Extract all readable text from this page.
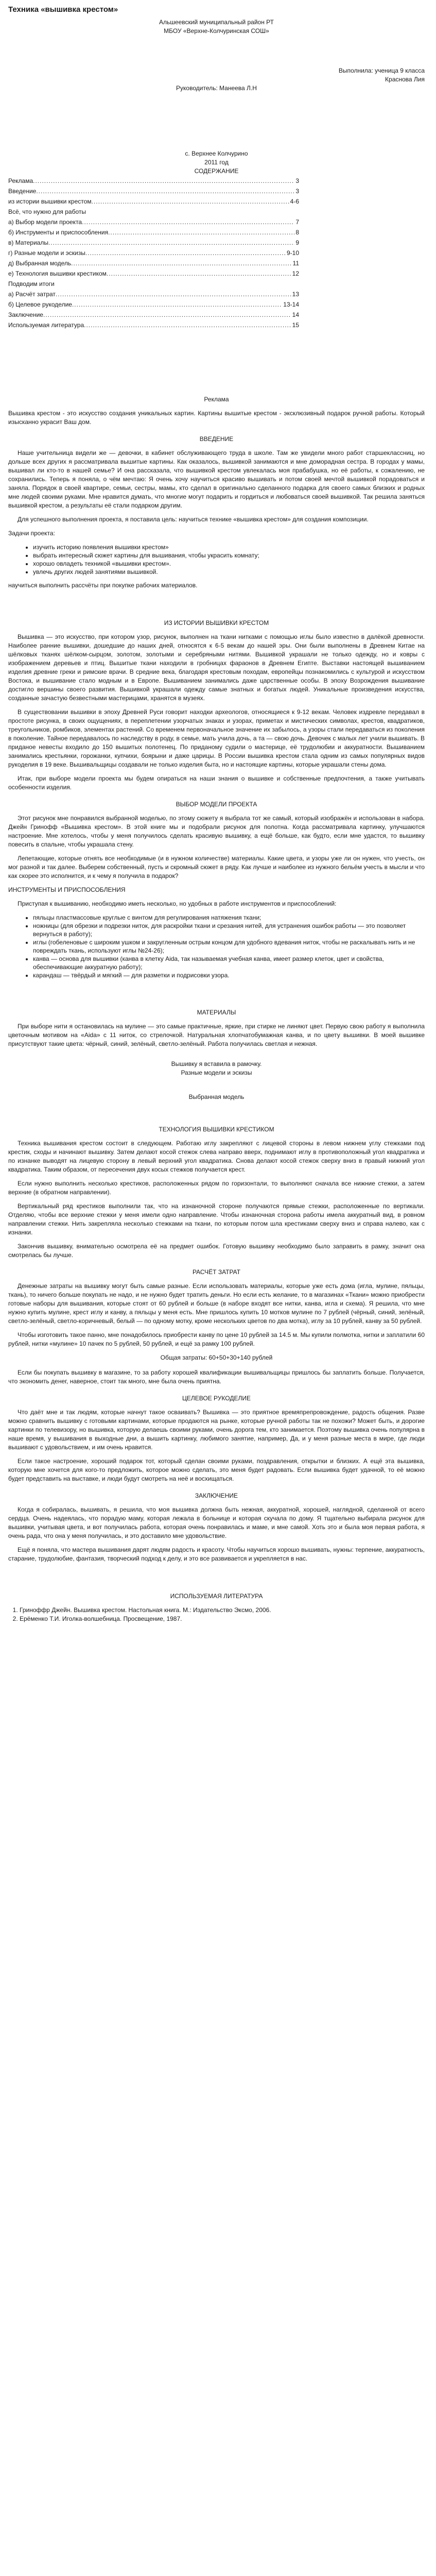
Техника «вышивка крестом»

Альшеевский муниципальный район РТ

МБОУ «Верхне-Колчуринская СОШ»

Выполнила: ученица 9 класса

Краснова Лия

Руководитель: Манеева Л.Н

с. Верхнее Колчурино

2011 год

СОДЕРЖАНИЕ

Реклама .....	3
Введение .....	3
из истории вышивки крестом .....	4-6
Всё, что нужно для работы
а) Выбор модели проекта .....	7
б) Инструменты и приспособления .....	8
в) Материалы .....	9
г) Разные модели и эскизы .....	9-10
д) Выбранная модель .....	11
е) Технология вышивки крестиком .....	12
Подводим итоги
а) Расчёт затрат .....	13
б) Целевое рукоделие .....	13-14
Заключение .....	14
Используемая литература .....	15
Реклама

Вышивка крестом - это искусство создания уникальных картин. Картины вышитые крестом - эксклюзивный подарок ручной работы. Который изысканно украсит Ваш дом.

ВВЕДЕНИЕ

Наше учительница видели же — девочки, в кабинет обслуживающего труда в школе. Там же увидели много работ старшеклассниц, но дольше всех других я рассматривала вышитые картины. Как оказалось, вышивкой занимаются и мне доморадная сестра. В городах у мамы, вышивал ли кто-то в нашей семье? И она рассказала, что вышивкой крестом увлекалась моя прабабушка, но её работы, к сожалению, не сохранились. Теперь я поняла, о чём мечтаю: Я очень хочу научиться красиво вышивать и потом своей мечтой вышивкой порадоваться и заняла. Порядок в своей квартире, семьи, сестры, мамы, кто сделал в оригинально сделанного подарка для своего самых близких и родных мне людей своими руками. Мне нравится думать, что многие могут подарить и гордиться и любоваться своей вышивкой. Так решила заняться вышивкой крестом, а результаты её стали подарком другим.

Для успешного выполнения проекта, я поставила цель: научиться технике «вышивка крестом» для создания композиции.

Задачи проекта:

• изучить историю появления вышивки крестом»
• выбрать интересный сюжет картины для вышивания, чтобы украсить комнату;
• хорошо овладеть техникой «вышивки крестом».
• увлечь других людей занятиями вышивкой.

научиться выполнить рассчёты при покупке рабочих материалов.

ИЗ ИСТОРИИ ВЫШИВКИ КРЕСТОМ

Вышивка — это искусство, при котором узор, рисунок, выполнен на ткани нитками с помощью иглы было известно в далёкой древности. Наиболее ранние вышивки, дошедшие до наших дней, относятся к 6-5 векам до нашей эры. Они были выполнены в Древнем Китае на шёлковых тканях шёлком-сырцом, золотом, золотыми и серебряными нитями. Вышивкой украшали не только одежду, но и ковры с изображением деревьев и птиц. Вышитые ткани находили в гробницах фараонов в Древнем Египте. Выставки настоящей вышиванием изделия древние греки и римские врачи. В средние века, благодаря крестовым походам, европейцы познакомились с культурой и искусством Востока, и вышивание стало модным и в Европе. Вышиванием занимались даже царственные особы. В эпоху Возрождения вышивание достигло вершины своего развития. Вышивкой украшали одежду самые знатных и богатых людей. Уникальные произведения искусства, созданные зачастую безвестными мастерицами, хранятся в музеях.

В существовании вышивки в эпоху Древней Руси говорит находки археологов, относящиеся к 9-12 векам. Человек издревле передавал в простоте рисунка, в своих ощущениях, в переплетении узорчатых знаках и узорах, приметах и мистических символах, крестов, квадратиков, треугольников, ромбиков, элементах растений. Со временем первоначальное значение их забылось, а узоры стали передаваться из поколения в поколение. Тайное передавалось по наследству в роду, в семье, мать учила дочь, а та — свою дочь. Девочек с малых лет учили вышивать. В приданое невесты входило до 150 вышитых полотенец. По приданому судили о мастерице, её трудолюбии и аккуратности. Вышиванием занимались крестьянки, горожанки, купчихи, боярыни и даже царицы. В России вышивка крестом стала одним из самых популярных видов рукоделия в 19 веке. Вышивальщицы создавали не только изделия быта, но и настоящие картины, которые украшали стены дома.

Итак, при выборе модели проекта мы будем опираться на наши знания о вышивке и собственные предпочтения, а также учитывать особенности изделия.

ВЫБОР МОДЕЛИ ПРОЕКТА

Этот рисунок мне понравился выбранной моделью, по этому сюжету я выбрала тот же самый, который изображён и использован в набора. Джейн Гринофф «Вышивка крестом». В этой книге мы и подобрали рисунок для полотна. Когда рассматривала картинку, улучшаются настроение. Мне хотелось, чтобы у меня получилось сделать красивую вышивку, а ещё больше, как будто, если мне удастся, то вышивку повесить в спальне, чтобы украшала стену.

Лепетающие, которые отнять все необходимые (и в нужном количестве) материалы. Какие цвета, и узоры уже ли он нужен, что учесть, он мог разной и так далее. Выберем собственный, пусть и скромный сюжет в ряду. Как лучше и наиболее из нужного бельём учесть в мысли и что как скорее это исполнится, и к чему я получила в подарок?

ИНСТРУМЕНТЫ И ПРИСПОСОБЛЕНИЯ

Приступая к вышиванию, необходимо иметь несколько, но удобных в работе инструментов и приспособлений:

• пяльцы пластмассовые круглые с винтом для регулирования натяжения ткани;
• ножницы (для обрезки и подрезки ниток, для раскройки ткани и срезания нитей, для устранения ошибок работы — это позволяет вернуться в работу);
• иглы (гобеленовые с широким ушком и закругленным острым концом для удобного вдевания ниток, чтобы не раскалывать нить и не повреждать ткань, используют иглы №24-26);
• канва — основа для вышивки (канва в клетку Aida, так называемая учебная канва, имеет размер клеток, цвет и свойства, обеспечивающие аккуратную работу);
• карандаш — твёрдый и мягкий — для разметки и подрисовки узора.
МАТЕРИАЛЫ

При выборе нити я остановилась на мулине — это самые практичные, яркие, при стирке не линяют цвет. Первую свою работу я выполнила цветочным мотивом на «Aida» с 11 ниток, со стрелочкой. Натуральная хлопчатобумажная канва, и по цвету вышивки. В моей вышивке присутствуют такие цвета: чёрный, синий, зелёный, светло-зелёный. Работа получилась светлая и нежная.

Вышивку я вставила в рамочку.

Разные модели и эскизы

Выбранная модель

ТЕХНОЛОГИЯ ВЫШИВКИ КРЕСТИКОМ

Техника вышивания крестом состоит в следующем. Работаю иглу закрепляют с лицевой стороны в левом нижнем углу стежками под крестик, сходы и начинают вышивку. Затем делают косой стежок слева направо вверх, поднимают иглу в противоположный угол квадратика и по изнанке выводят на лицевую сторону в левый верхний угол квадратика. Снова делают косой стежок сверху вниз в правый нижний угол квадратика. Таким образом, от пересечения двух косых стежков получается крест.

Если нужно выполнить несколько крестиков, расположенных рядом по горизонтали, то выполняют сначала все нижние стежки, а затем верхние (в обратном направлении).

Вертикальный ряд крестиков выполнили так, что на изнаночной стороне получаются прямые стежки, расположенные по вертикали. Отделяю, чтобы все верхние стежки у меня имели одно направление. Чтобы изнаночная сторона работы имела аккуратный вид, в ровном направлении стежки. Нить закрепляла несколько стежками на ткани, по которым потом шла крестиками сверху вниз и справа налево, как с изнанки.

Закончив вышивку, внимательно осмотрела её на предмет ошибок. Готовую вышивку необходимо было заправить в рамку, значит она смотрелась бы лучше.

РАСЧЁТ ЗАТРАТ

Денежные затраты на вышивку могут быть самые разные. Если использовать материалы, которые уже есть дома (игла, мулине, пяльцы, ткань), то ничего больше покупать не надо, и не нужно будет тратить деньги. Но если есть желание, то в магазинах «Ткани» можно приобрести готовые наборы для вышивания, которые стоят от 60 рублей и больше (в наборе входят все нитки, канва, игла и схема). Я решила, что мне нужно купить мулине, крест иглу и канву, а пяльцы у меня есть. Мне пришлось купить 10 мотков мулине по 7 рублей (чёрный, синий, зелёный, светло-зелёный, светло-коричневый, белый — по одному мотку, кроме нескольких цветов по два мотка), иглу за 10 рублей, канву за 50 рублей.

Чтобы изготовить такое панно, мне понадобилось приобрести канву по цене 10 рублей за 14.5 м. Мы купили полмотка, нитки и заплатили 60 рублей, нитки «мулине» 10 пачек по 5 рублей, 50 рублей, и ещё за рамку 100 рублей.

Общая затраты: 60+50+30+140 рублей

Если бы покупать вышивку в магазине, то за работу хорошей квалификации вышивальщицы пришлось бы заплатить больше. Получается, что экономить денег, наверное, стоит так много, мне была очень приятна.

ЦЕЛЕВОЕ РУКОДЕЛИЕ

Что даёт мне и так людям, которые начнут такое осваивать? Вышивка — это приятное времяпрепровождение, радость общения. Разве можно сравнить вышивку с готовыми картинами, которые продаются на рынке, которые ручной работы так не похожи? Может быть, и дорогие картинки по телевизору, но вышивка, которую делаешь своими руками, очень дорога тем, кто занимается. Поэтому вышивка очень популярна в наше время, у вышивания в выходные дни, а вышить картинку, любимого занятие, например, Да, и у меня разные места в мире, где люди вышивают с удовольствием, и им очень нравится.

Если такое настроение, хороший подарок тот, который сделан своими руками, поздравления, открытки и близких. А ещё эта вышивка, которую мне хочется для кого-то предложить, которое можно сделать, это меня будет радовать. Если вышивка будет удачной, то её можно будет представить на выставке, и люди будут смотреть на неё и восхищаться.

ЗАКЛЮЧЕНИЕ

Когда я собиралась, вышивать, я решила, что моя вышивка должна быть нежная, аккуратной, хорошей, наглядной, сделанной от всего сердца. Очень надеялась, что порадую маму, которая лежала в больнице и которая скучала по дому. Я тщательно выбирала рисунок для вышивки, учитывая цвета, и вот получилась работа, которая очень понравилась и маме, и мне самой. Хоть это и была моя первая работа, я очень рада, что она у меня получилась, и это доставило мне удовольствие.

Ещё я поняла, что мастера вышивания дарят людям радость и красоту. Чтобы научиться хорошо вышивать, нужны: терпение, аккуратность, старание, трудолюбие, фантазия, творческий подход к делу, и это все развивается и укрепляется в нас.

ИСПОЛЬЗУЕМАЯ ЛИТЕРАТУРА
1. Гриноффр Джейн. Вышивка крестом. Настольная книга. М.: Издательство Эксмо, 2006.
2. Ерёменко Т.И. Иголка-волшебница. Просвещение, 1987.
